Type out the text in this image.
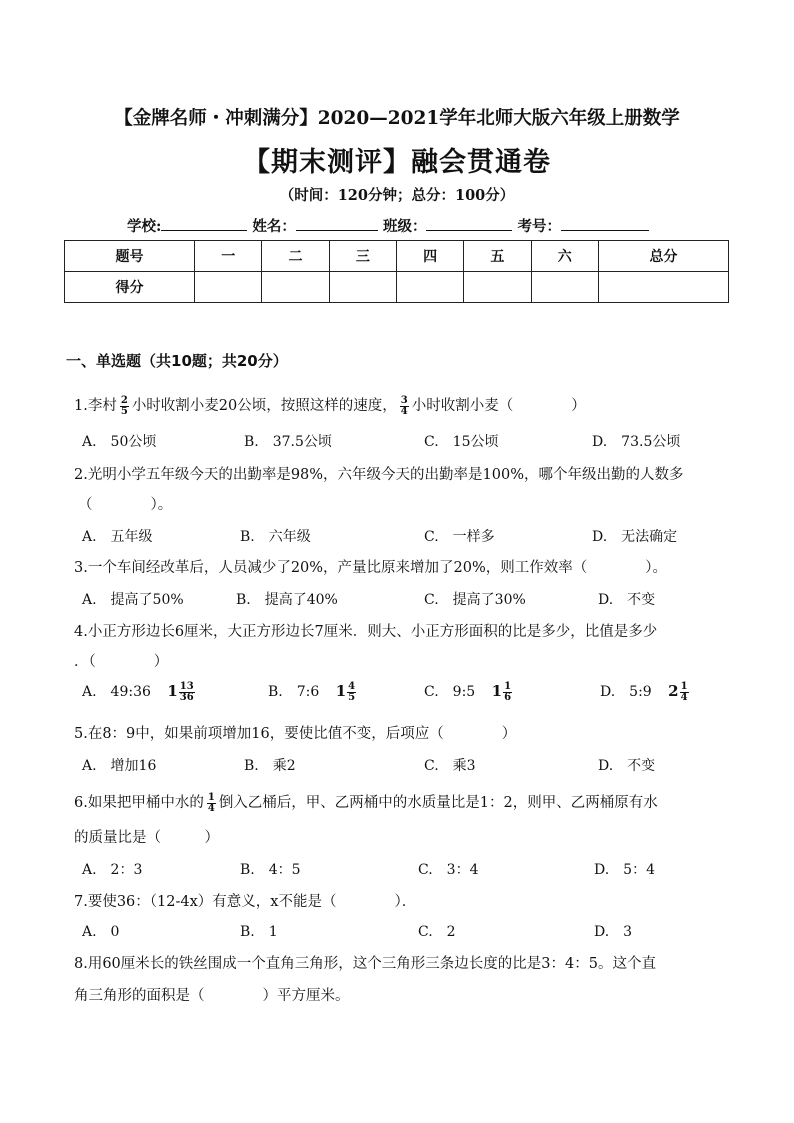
【金牌名师・冲刺满分】2020—2021学年北师大版六年级上册数学
【期末测评】融会贯通卷
（时间：120分钟；总分：100分）
学校:	姓名：	班级：	考号：
题号	一	二	三	四	五	六	总分
得分							
一、单选题（共10题；共20分）
1.李村 $\frac{2}{5}$ 小时收割小麦20公顷，按照这样的速度， $\frac{3}{4}$ 小时收割小麦（　　　　）
A.　50公顷	B.　37.5公顷	C.　15公顷	D.　73.5公顷
2.光明小学五年级今天的出勤率是98%，六年级今天的出勤率是100%，哪个年级出勤的人数多
（　　　　）。
A.　五年级	B.　六年级	C.　一样多	D.　无法确定
3.一个车间经改革后，人员减少了20%，产量比原来增加了20%，则工作效率（　　　　）。
A.　提高了50%	B.　提高了40%	C.　提高了30%	D.　不变
4.小正方形边长6厘米，大正方形边长7厘米．则大、小正方形面积的比是多少，比值是多少
．（　　　　）
A.　49:36 $1 \frac{13}{36}$	B.　7:6 $1 \frac{4}{5}$	C.　9:5 $1 \frac{1}{6}$	D.　5:9 $2 \frac{1}{4}$
5.在8：9中，如果前项增加16，要使比值不变，后项应（　　　　）
A.　增加16	B.　乘2	C.　乘3	D.　不变
6.如果把甲桶中水的 $\frac{1}{4}$ 倒入乙桶后，甲、乙两桶中的水质量比是1：2，则甲、乙两桶原有水
的质量比是（　　　）
A.　2：3	B.　4：5	C.　3：4	D.　5：4
7.要使36：（12-4x）有意义，x不能是（　　　　）．
A.　0	B.　1	C.　2	D.　3
8.用60厘米长的铁丝围成一个直角三角形，这个三角形三条边长度的比是3：4：5。这个直
角三角形的面积是（　　　　）平方厘米。
